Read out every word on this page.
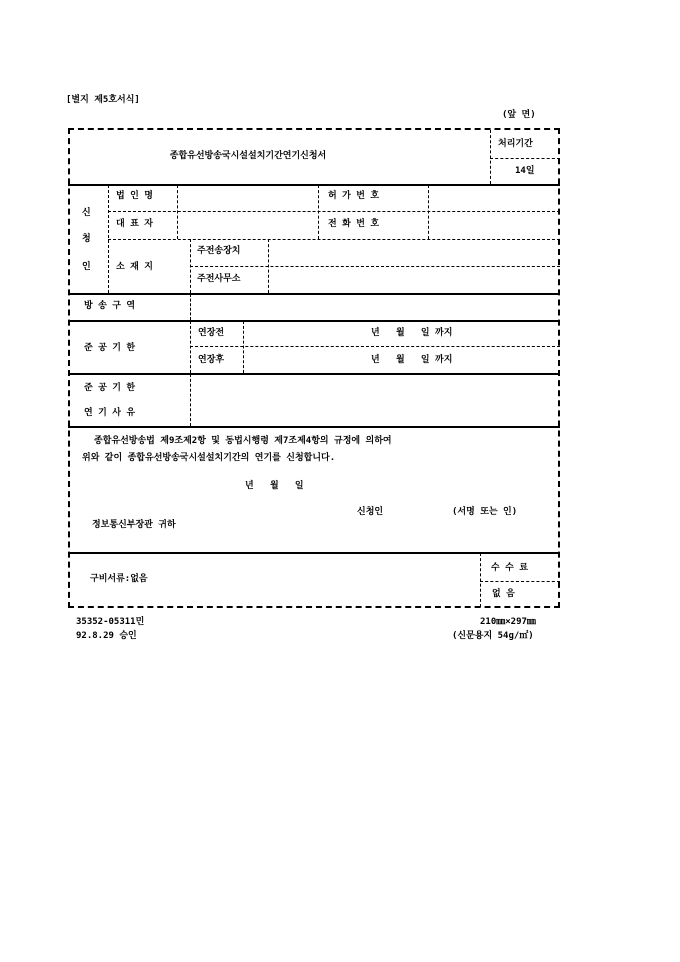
[별지 제5호서식]
(앞 면)
종합유선방송국시설설치기간연기신청서
처리기간
14일
신
청
인
법 인 명	허 가 번 호
대 표 자	전 화 번 호
소 재 지
주전송장치
주전사무소
방 송 구 역
준 공 기 한
연장전	년   월   일 까지
연장후	년   월   일 까지
준 공 기 한
연 기 사 유
종합유선방송법 제9조제2항 및 동법시행령 제7조제4항의 규정에 의하여
위와 같이 종합유선방송국시설설치기간의 연기를 신청합니다.
년   월   일
신청인	(서명 또는 인)
정보통신부장관 귀하
구비서류:없음
수 수 료
없 음
35352-05311민
92.8.29 승인
210㎜×297㎜
(신문용지 54g/㎡)
